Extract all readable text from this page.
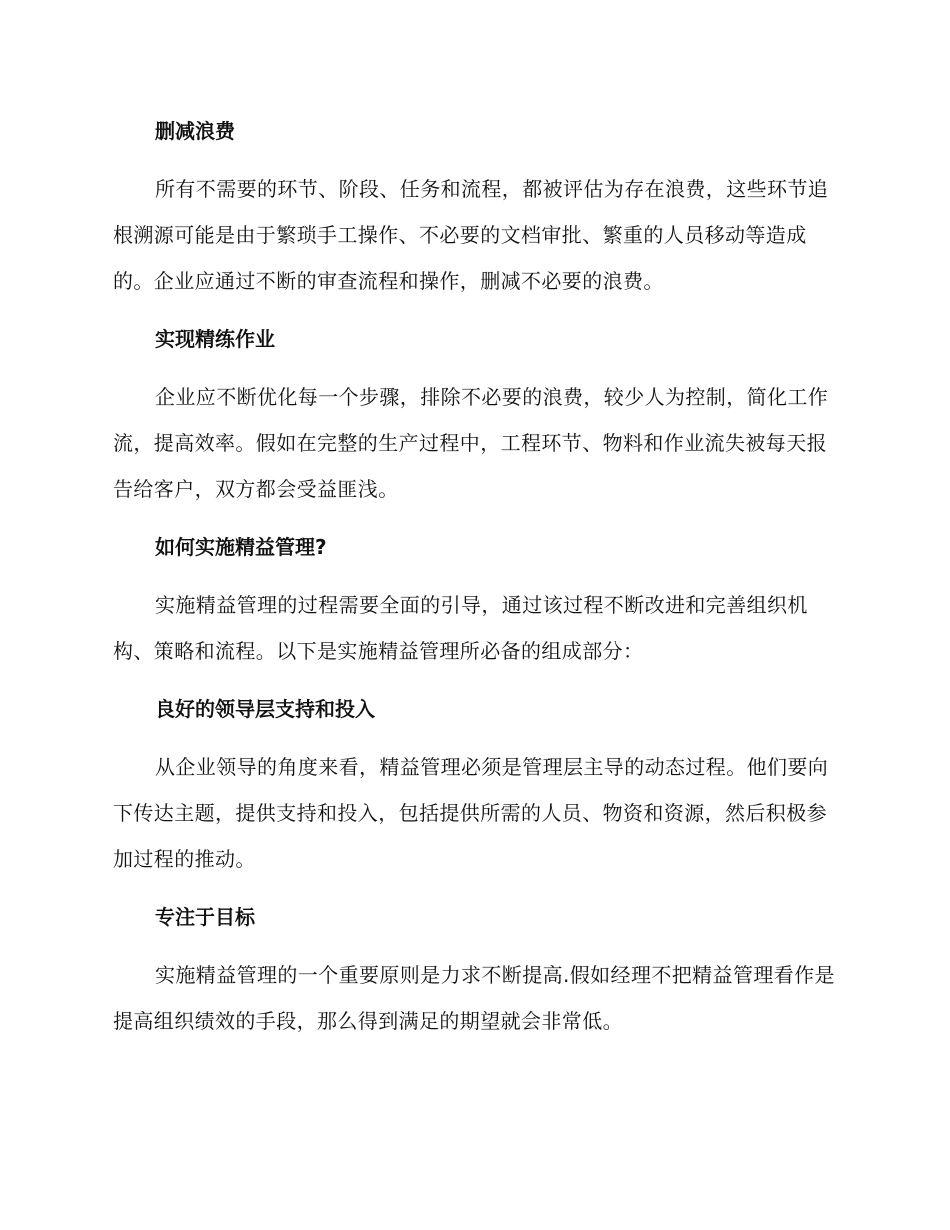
删减浪费

所有不需要的环节、阶段、任务和流程，都被评估为存在浪费，这些环节追根溯源可能是由于繁琐手工操作、不必要的文档审批、繁重的人员移动等造成的。企业应通过不断的审查流程和操作，删减不必要的浪费。

实现精练作业

企业应不断优化每一个步骤，排除不必要的浪费，较少人为控制，简化工作流，提高效率。假如在完整的生产过程中，工程环节、物料和作业流失被每天报告给客户，双方都会受益匪浅。

如何实施精益管理?

实施精益管理的过程需要全面的引导，通过该过程不断改进和完善组织机构、策略和流程。以下是实施精益管理所必备的组成部分：

良好的领导层支持和投入

从企业领导的角度来看，精益管理必须是管理层主导的动态过程。他们要向下传达主题，提供支持和投入，包括提供所需的人员、物资和资源，然后积极参加过程的推动。

专注于目标

实施精益管理的一个重要原则是力求不断提高.假如经理不把精益管理看作是提高组织绩效的手段，那么得到满足的期望就会非常低。
